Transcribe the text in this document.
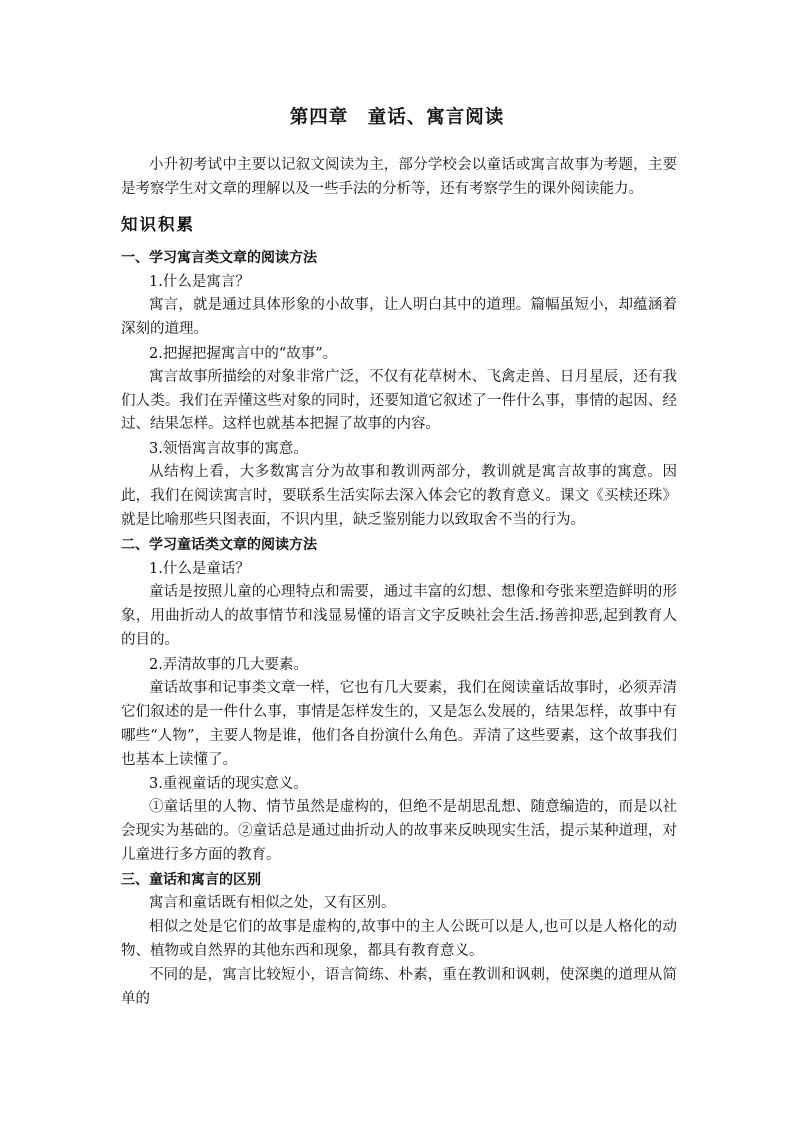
第四章　童话、寓言阅读

小升初考试中主要以记叙文阅读为主，部分学校会以童话或寓言故事为考题，主要是考察学生对文章的理解以及一些手法的分析等，还有考察学生的课外阅读能力。

知识积累
一、学习寓言类文章的阅读方法

1.什么是寓言？

寓言，就是通过具体形象的小故事，让人明白其中的道理。篇幅虽短小，却蕴涵着深刻的道理。

2.把握把握寓言中的“故事”。

寓言故事所描绘的对象非常广泛，不仅有花草树木、飞禽走兽、日月星辰，还有我们人类。我们在弄懂这些对象的同时，还要知道它叙述了一件什么事，事情的起因、经过、结果怎样。这样也就基本把握了故事的内容。

3.领悟寓言故事的寓意。

从结构上看，大多数寓言分为故事和教训两部分，教训就是寓言故事的寓意。因此，我们在阅读寓言时，要联系生活实际去深入体会它的教育意义。课文《买椟还珠》就是比喻那些只图表面，不识内里，缺乏鉴别能力以致取舍不当的行为。

二、学习童话类文章的阅读方法

1.什么是童话？

童话是按照儿童的心理特点和需要，通过丰富的幻想、想像和夸张来塑造鲜明的形象，用曲折动人的故事情节和浅显易懂的语言文字反映社会生活.扬善抑恶,起到教育人的目的。

2.弄清故事的几大要素。

童话故事和记事类文章一样，它也有几大要素，我们在阅读童话故事时，必须弄清它们叙述的是一件什么事，事情是怎样发生的，又是怎么发展的，结果怎样，故事中有哪些“人物”，主要人物是谁，他们各自扮演什么角色。弄清了这些要素，这个故事我们也基本上读懂了。

3.重视童话的现实意义。

①童话里的人物、情节虽然是虚构的，但绝不是胡思乱想、随意编造的，而是以社会现实为基础的。②童话总是通过曲折动人的故事来反映现实生活，提示某种道理，对儿童进行多方面的教育。

三、童话和寓言的区别

寓言和童话既有相似之处，又有区别。

相似之处是它们的故事是虚构的,故事中的主人公既可以是人,也可以是人格化的动物、植物或自然界的其他东西和现象，都具有教育意义。

不同的是，寓言比较短小，语言简练、朴素，重在教训和讽刺，使深奥的道理从简单的
